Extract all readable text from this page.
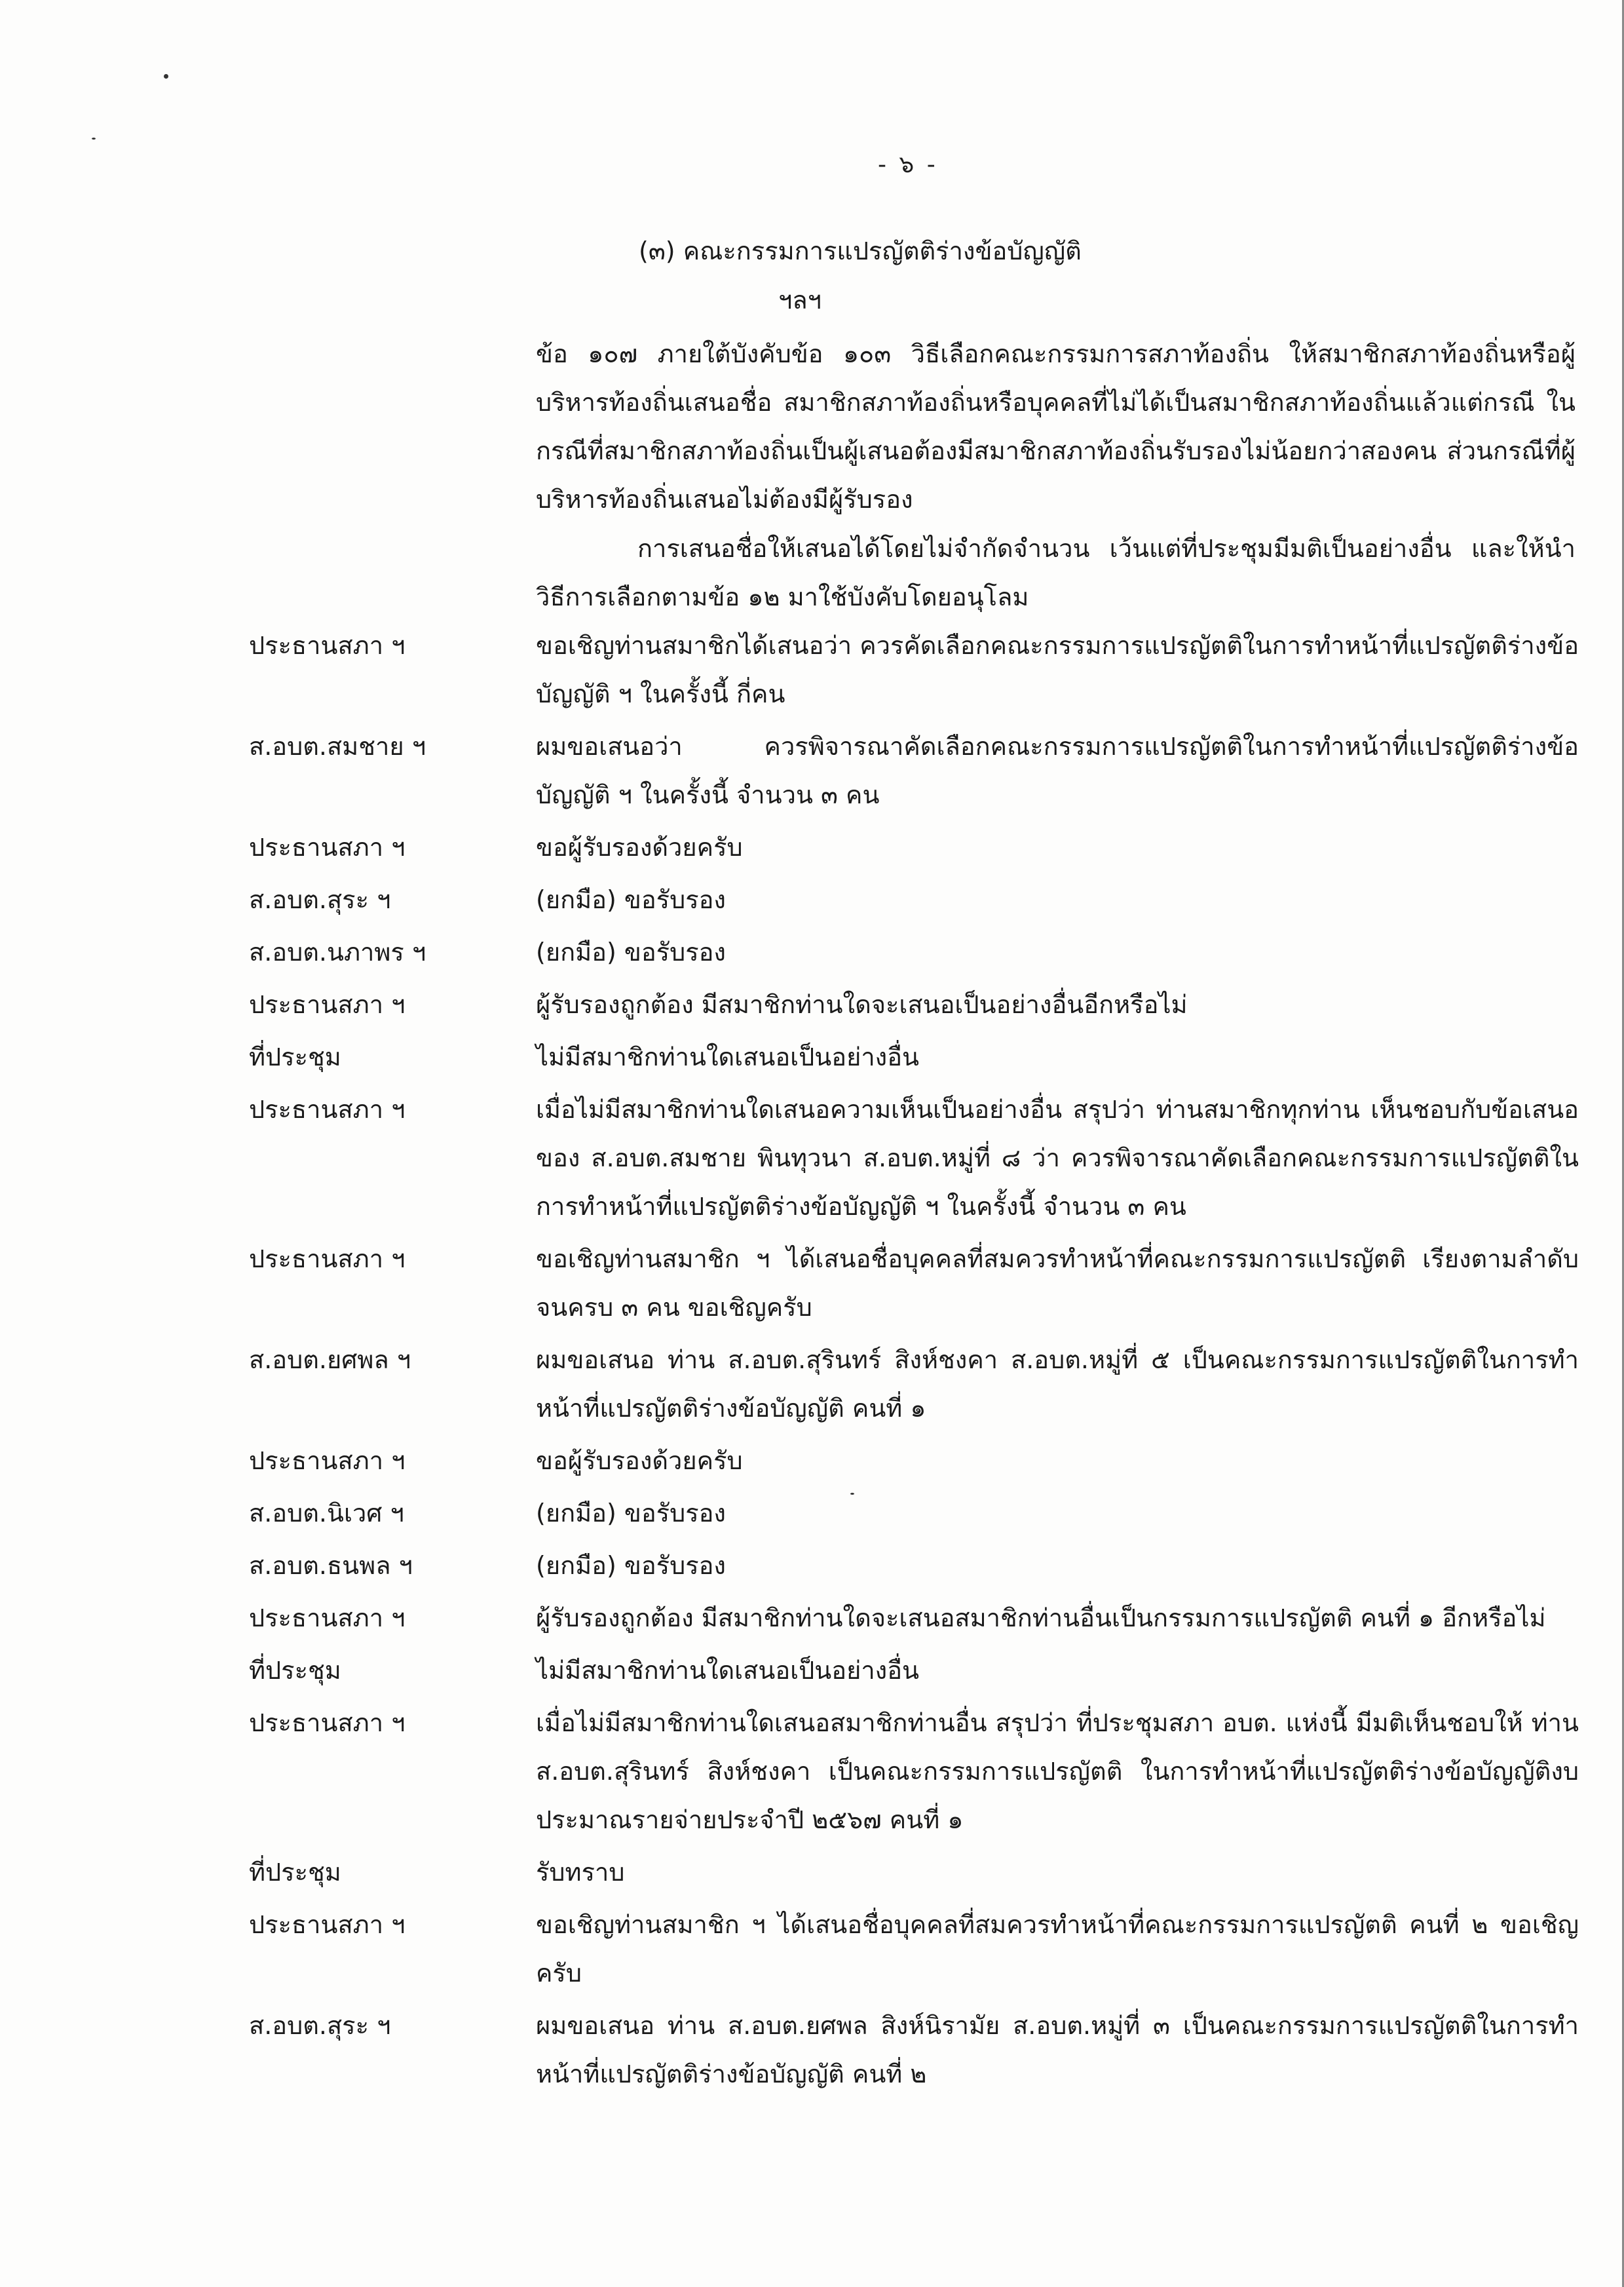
- ๖ -
(๓) คณะกรรมการแปรญัตติร่างข้อบัญญัติ
ฯลฯ
ข้อ ๑๐๗ ภายใต้บังคับข้อ ๑๐๓ วิธีเลือกคณะกรรมการสภาท้องถิ่น ให้สมาชิกสภาท้องถิ่นหรือผู้บริหารท้องถิ่นเสนอชื่อ สมาชิกสภาท้องถิ่นหรือบุคคลที่ไม่ได้เป็นสมาชิกสภาท้องถิ่นแล้วแต่กรณี ในกรณีที่สมาชิกสภาท้องถิ่นเป็นผู้เสนอต้องมีสมาชิกสภาท้องถิ่นรับรองไม่น้อยกว่าสองคน ส่วนกรณีที่ผู้บริหารท้องถิ่นเสนอไม่ต้องมีผู้รับรอง
การเสนอชื่อให้เสนอได้โดยไม่จำกัดจำนวน เว้นแต่ที่ประชุมมีมติเป็นอย่างอื่น และให้นำวิธีการเลือกตามข้อ ๑๒ มาใช้บังคับโดยอนุโลม
ประธานสภา ฯ	ขอเชิญท่านสมาชิกได้เสนอว่า ควรคัดเลือกคณะกรรมการแปรญัตติในการทำหน้าที่แปรญัตติร่างข้อบัญญัติ ฯ ในครั้งนี้ กี่คน
ส.อบต.สมชาย ฯ	ผมขอเสนอว่า ควรพิจารณาคัดเลือกคณะกรรมการแปรญัตติในการทำหน้าที่แปรญัตติร่างข้อบัญญัติ ฯ ในครั้งนี้ จำนวน ๓ คน
ประธานสภา ฯ	ขอผู้รับรองด้วยครับ
ส.อบต.สุระ ฯ	(ยกมือ) ขอรับรอง
ส.อบต.นภาพร ฯ	(ยกมือ) ขอรับรอง
ประธานสภา ฯ	ผู้รับรองถูกต้อง มีสมาชิกท่านใดจะเสนอเป็นอย่างอื่นอีกหรือไม่
ที่ประชุม	ไม่มีสมาชิกท่านใดเสนอเป็นอย่างอื่น
ประธานสภา ฯ	เมื่อไม่มีสมาชิกท่านใดเสนอความเห็นเป็นอย่างอื่น สรุปว่า ท่านสมาชิกทุกท่าน เห็นชอบกับข้อเสนอของ ส.อบต.สมชาย พินทุวนา ส.อบต.หมู่ที่ ๘ ว่า ควรพิจารณาคัดเลือกคณะกรรมการแปรญัตติในการทำหน้าที่แปรญัตติร่างข้อบัญญัติ ฯ ในครั้งนี้ จำนวน ๓ คน
ประธานสภา ฯ	ขอเชิญท่านสมาชิก ฯ ได้เสนอชื่อบุคคลที่สมควรทำหน้าที่คณะกรรมการแปรญัตติ เรียงตามลำดับจนครบ ๓ คน ขอเชิญครับ
ส.อบต.ยศพล ฯ	ผมขอเสนอ ท่าน ส.อบต.สุรินทร์ สิงห์ชงคา ส.อบต.หมู่ที่ ๕ เป็นคณะกรรมการแปรญัตติในการทำหน้าที่แปรญัตติร่างข้อบัญญัติ คนที่ ๑
ประธานสภา ฯ	ขอผู้รับรองด้วยครับ
ส.อบต.นิเวศ ฯ	(ยกมือ) ขอรับรอง
ส.อบต.ธนพล ฯ	(ยกมือ) ขอรับรอง
ประธานสภา ฯ	ผู้รับรองถูกต้อง มีสมาชิกท่านใดจะเสนอสมาชิกท่านอื่นเป็นกรรมการแปรญัตติ คนที่ ๑ อีกหรือไม่
ที่ประชุม	ไม่มีสมาชิกท่านใดเสนอเป็นอย่างอื่น
ประธานสภา ฯ	เมื่อไม่มีสมาชิกท่านใดเสนอสมาชิกท่านอื่น สรุปว่า ที่ประชุมสภา อบต. แห่งนี้ มีมติเห็นชอบให้ ท่าน ส.อบต.สุรินทร์ สิงห์ชงคา เป็นคณะกรรมการแปรญัตติ ในการทำหน้าที่แปรญัตติร่างข้อบัญญัติงบประมาณรายจ่ายประจำปี ๒๕๖๗ คนที่ ๑
ที่ประชุม	รับทราบ
ประธานสภา ฯ	ขอเชิญท่านสมาชิก ฯ ได้เสนอชื่อบุคคลที่สมควรทำหน้าที่คณะกรรมการแปรญัตติ คนที่ ๒ ขอเชิญครับ
ส.อบต.สุระ ฯ	ผมขอเสนอ ท่าน ส.อบต.ยศพล สิงห์นิรามัย ส.อบต.หมู่ที่ ๓ เป็นคณะกรรมการแปรญัตติในการทำหน้าที่แปรญัตติร่างข้อบัญญัติ คนที่ ๒
